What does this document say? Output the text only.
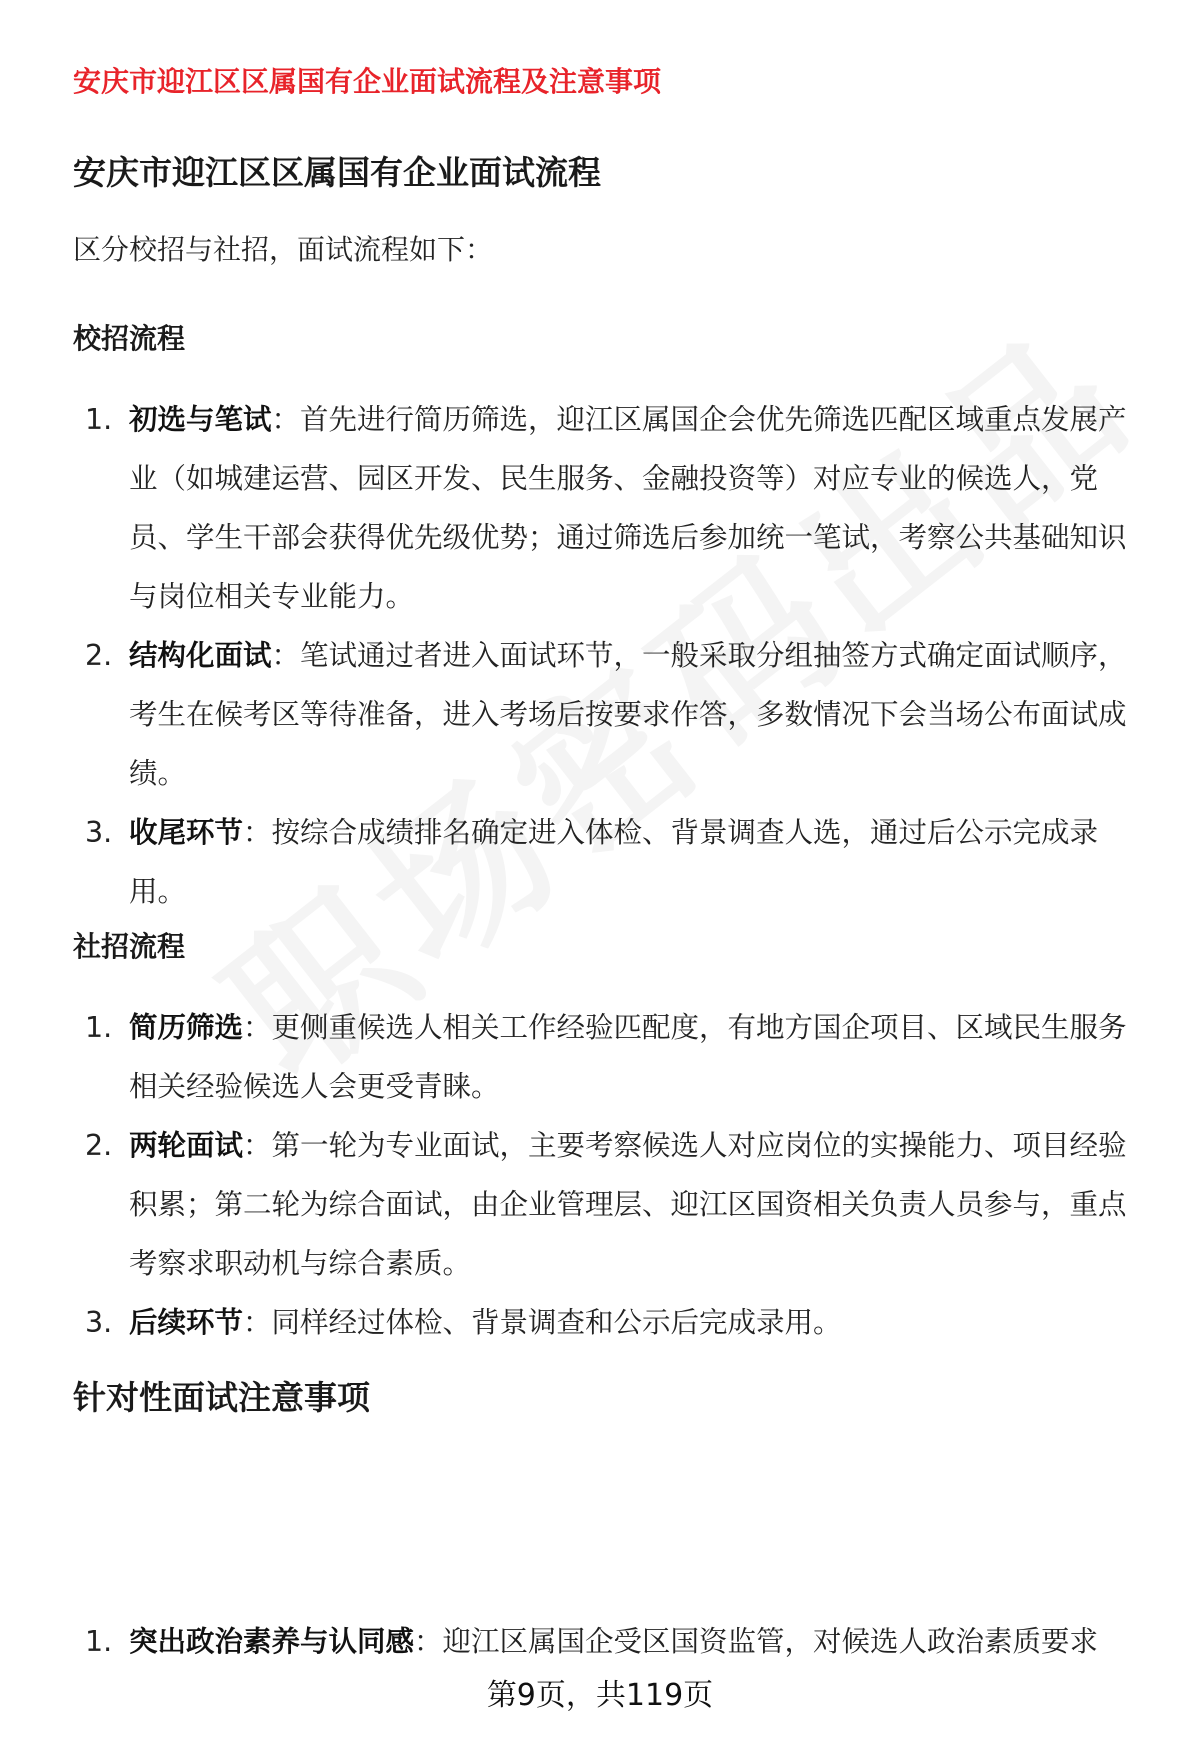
安庆市迎江区区属国有企业面试流程及注意事项
安庆市迎江区区属国有企业面试流程
区分校招与社招，面试流程如下：
校招流程
1. 初选与笔试：首先进行简历筛选，迎江区属国企会优先筛选匹配区域重点发展产业（如城建运营、园区开发、民生服务、金融投资等）对应专业的候选人，党员、学生干部会获得优先级优势；通过筛选后参加统一笔试，考察公共基础知识与岗位相关专业能力。
2. 结构化面试：笔试通过者进入面试环节，一般采取分组抽签方式确定面试顺序，考生在候考区等待准备，进入考场后按要求作答，多数情况下会当场公布面试成绩。
3. 收尾环节：按综合成绩排名确定进入体检、背景调查人选，通过后公示完成录用。
社招流程
1. 简历筛选：更侧重候选人相关工作经验匹配度，有地方国企项目、区域民生服务相关经验候选人会更受青睐。
2. 两轮面试：第一轮为专业面试，主要考察候选人对应岗位的实操能力、项目经验积累；第二轮为综合面试，由企业管理层、迎江区国资相关负责人员参与，重点考察求职动机与综合素质。
3. 后续环节：同样经过体检、背景调查和公示后完成录用。
针对性面试注意事项
1. 突出政治素养与认同感：迎江区属国企受区国资监管，对候选人政治素质要求
第9页，共119页
